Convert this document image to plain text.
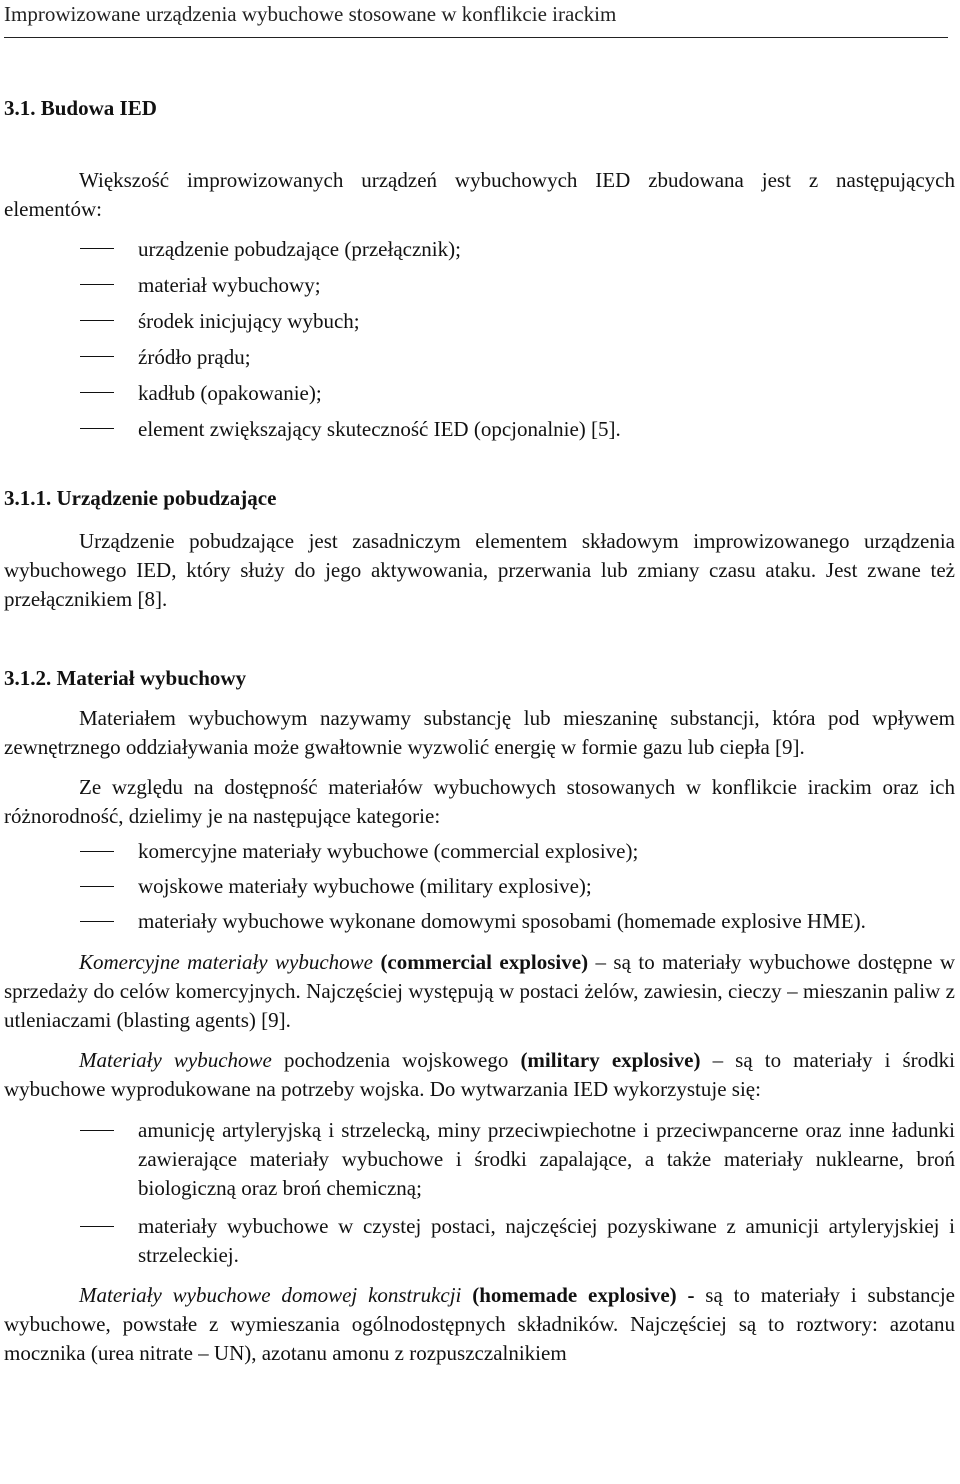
Improwizowane urządzenia wybuchowe stosowane w konflikcie irackim
3.1. Budowa IED

Większość improwizowanych urządzeń wybuchowych IED zbudowana jest z następujących elementów:

urządzenie pobudzające (przełącznik);
materiał wybuchowy;
środek inicjujący wybuch;
źródło prądu;
kadłub (opakowanie);
element zwiększający skuteczność IED (opcjonalnie) [5].
3.1.1. Urządzenie pobudzające

Urządzenie pobudzające jest zasadniczym elementem składowym improwizowanego urządzenia wybuchowego IED, który służy do jego aktywowania, przerwania lub zmiany czasu ataku. Jest zwane też przełącznikiem [8].

3.1.2. Materiał wybuchowy

Materiałem wybuchowym nazywamy substancję lub mieszaninę substancji, która pod wpływem zewnętrznego oddziaływania może gwałtownie wyzwolić energię w formie gazu lub ciepła [9].

Ze względu na dostępność materiałów wybuchowych stosowanych w konflikcie irackim oraz ich różnorodność, dzielimy je na następujące kategorie:

komercyjne materiały wybuchowe (commercial explosive);
wojskowe materiały wybuchowe (military explosive);
materiały wybuchowe wykonane domowymi sposobami (homemade explosive HME).

Komercyjne materiały wybuchowe (commercial explosive) – są to materiały wybuchowe dostępne w sprzedaży do celów komercyjnych. Najczęściej występują w postaci żelów, zawiesin, cieczy – mieszanin paliw z utleniaczami (blasting agents) [9].

Materiały wybuchowe pochodzenia wojskowego (military explosive) – są to materiały i środki wybuchowe wyprodukowane na potrzeby wojska. Do wytwarzania IED wykorzystuje się:

amunicję artyleryjską i strzelecką, miny przeciwpiechotne i przeciwpancerne oraz inne ładunki zawierające materiały wybuchowe i środki zapalające, a także materiały nuklearne, broń biologiczną oraz broń chemiczną;
materiały wybuchowe w czystej postaci, najczęściej pozyskiwane z amunicji artyleryjskiej i strzeleckiej.

Materiały wybuchowe domowej konstrukcji (homemade explosive) - są to materiały i substancje wybuchowe, powstałe z wymieszania ogólnodostępnych składników. Najczęściej są to roztwory: azotanu mocznika (urea nitrate – UN), azotanu amonu z rozpuszczalnikiem
